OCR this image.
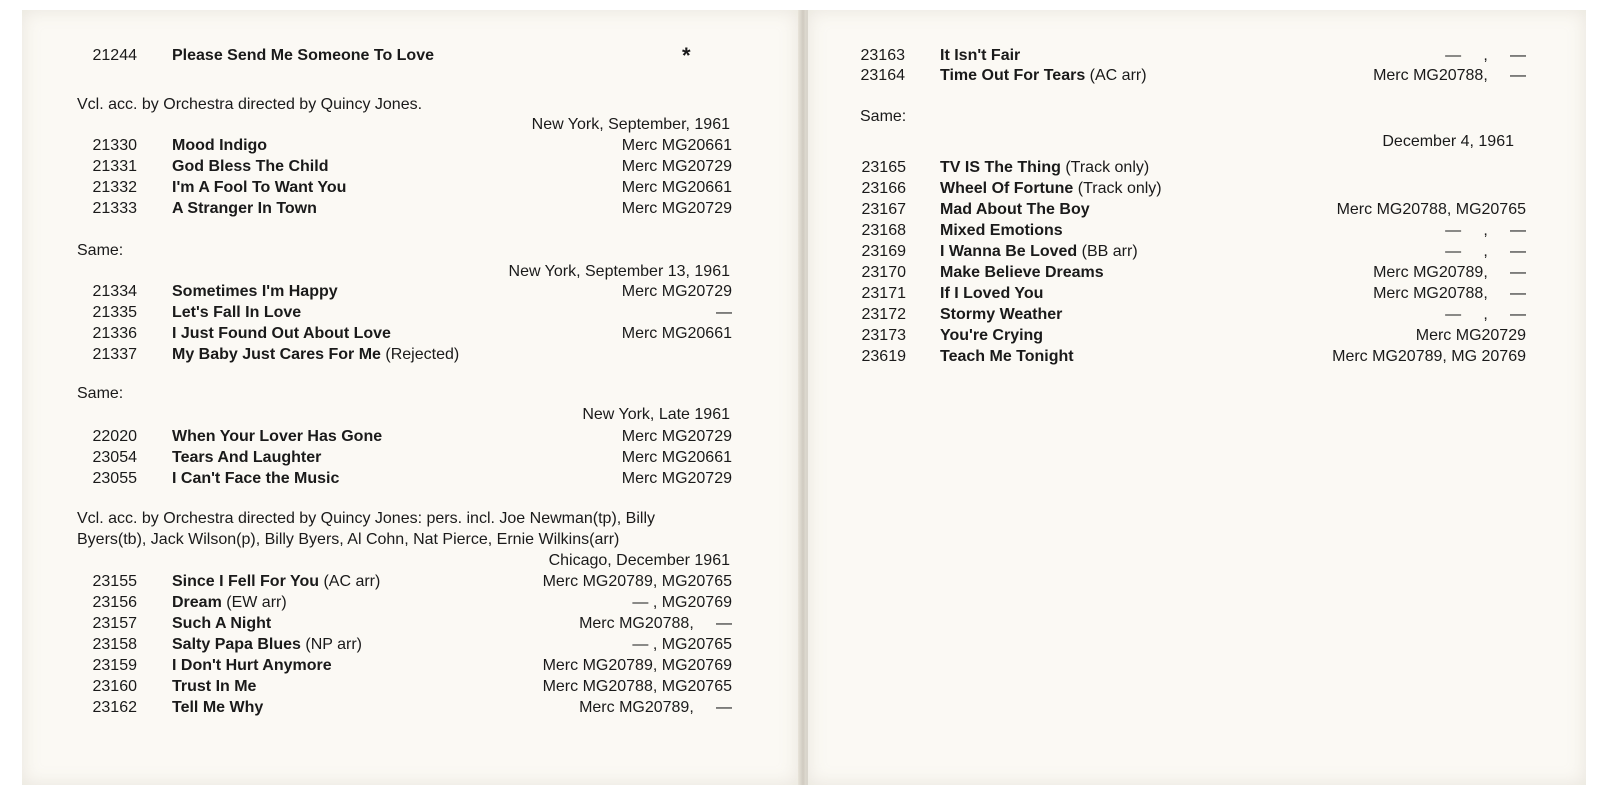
21244 Please Send Me Someone To Love	*
Vcl. acc. by Orchestra directed by Quincy Jones.
New York, September, 1961
21330 Mood Indigo	Merc MG20661
21331 God Bless The Child	Merc MG20729
21332 I'm A Fool To Want You	Merc MG20661
21333 A Stranger In Town	Merc MG20729
Same:
New York, September 13, 1961
21334 Sometimes I'm Happy	Merc MG20729
21335 Let's Fall In Love	—
21336 I Just Found Out About Love	Merc MG20661
21337 My Baby Just Cares For Me (Rejected)
Same:
New York, Late 1961
22020 When Your Lover Has Gone	Merc MG20729
23054 Tears And Laughter	Merc MG20661
23055 I Can't Face the Music	Merc MG20729
Vcl. acc. by Orchestra directed by Quincy Jones: pers. incl. Joe Newman(tp), Billy
Byers(tb), Jack Wilson(p), Billy Byers, Al Cohn, Nat Pierce, Ernie Wilkins(arr)
Chicago, December 1961
23155 Since I Fell For You (AC arr)	Merc MG20789, MG20765
23156 Dream (EW arr)	— , MG20769
23157 Such A Night	Merc MG20788,     —
23158 Salty Papa Blues (NP arr)	— , MG20765
23159 I Don't Hurt Anymore	Merc MG20789, MG20769
23160 Trust In Me	Merc MG20788, MG20765
23162 Tell Me Why	Merc MG20789,     —
23163 It Isn't Fair	—     ,     —
23164 Time Out For Tears (AC arr)	Merc MG20788,     —
Same:
December 4, 1961
23165 TV IS The Thing (Track only)
23166 Wheel Of Fortune (Track only)
23167 Mad About The Boy	Merc MG20788, MG20765
23168 Mixed Emotions	—     ,     —
23169 I Wanna Be Loved (BB arr)	—     ,     —
23170 Make Believe Dreams	Merc MG20789,     —
23171 If I Loved You	Merc MG20788,     —
23172 Stormy Weather	—     ,     —
23173 You're Crying	Merc MG20729
23619 Teach Me Tonight	Merc MG20789, MG 20769
